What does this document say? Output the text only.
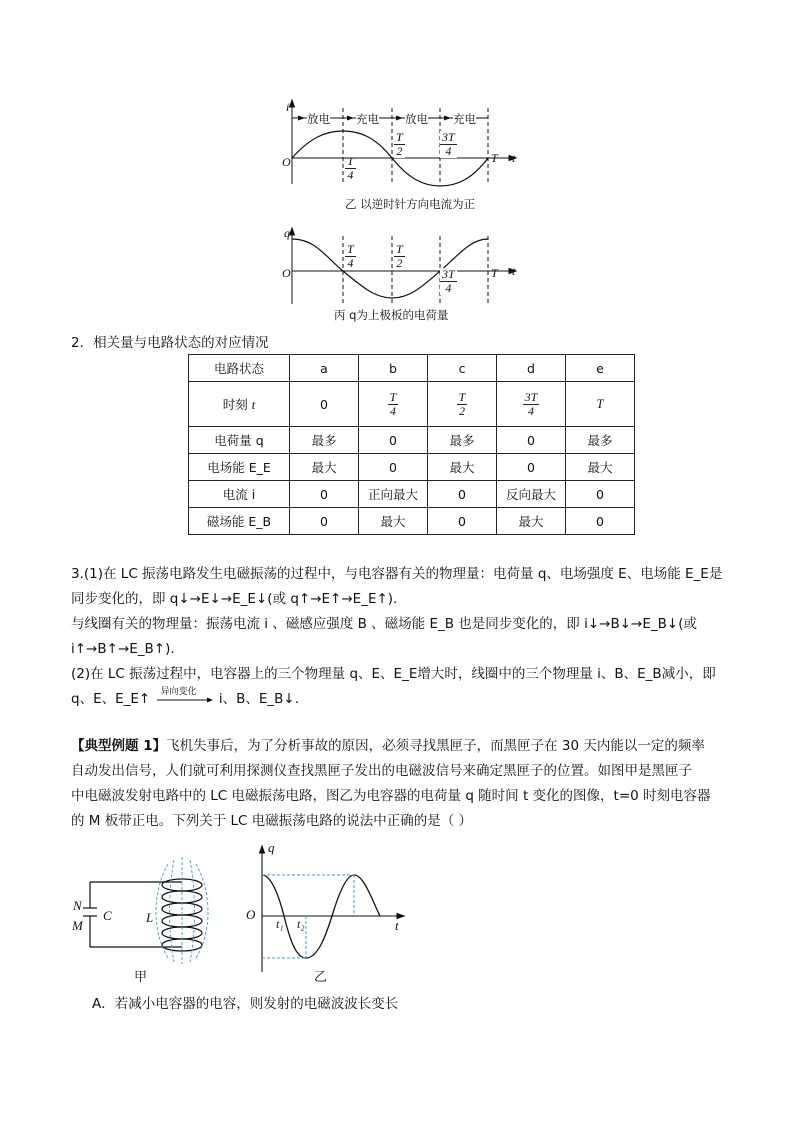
i
t
O
放电 充电 放电 充电
$\frac{T}{4}$
$\frac{T}{2}$	$\frac{3T}{4}$	T
乙 以逆时针方向电流为正
q
t
O
$\frac{T}{4}$	$\frac{T}{2}$
$\frac{3T}{4}$	T
丙 q为上极板的电荷量
2．相关量与电路状态的对应情况
电路状态	a	b	c	d	e
时刻 t	0	$\frac{T}{4}$	$\frac{T}{2}$	$\frac{3T}{4}$	T
电荷量 q	最多	0	最多	0	最多
电场能 E_E	最大	0	最大	0	最大
电流 i	0	正向最大	0	反向最大	0
磁场能 E_B	0	最大	0	最大	0
3.(1)在 LC 振荡电路发生电磁振荡的过程中，与电容器有关的物理量：电荷量 q、电场强度 E、电场能 E_E是
同步变化的，即 q↓→E↓→E_E↓(或 q↑→E↑→E_E↑).
与线圈有关的物理量：振荡电流 i 、磁感应强度 B 、磁场能 E_B 也是同步变化的，即 i↓→B↓→E_B↓(或
i↑→B↑→E_B↑).
(2)在 LC 振荡过程中，电容器上的三个物理量 q、E、E_E增大时，线圈中的三个物理量 i、B、E_B减小，即
q、E、E_E↑ 异向变化 i、B、E_B↓.
【典型例题 1】飞机失事后，为了分析事故的原因，必须寻找黑匣子，而黑匣子在 30 天内能以一定的频率
自动发出信号，人们就可利用探测仪查找黑匣子发出的电磁波信号来确定黑匣子的位置。如图甲是黑匣子
中电磁波发射电路中的 LC 电磁振荡电路，图乙为电容器的电荷量 q 随时间 t 变化的图像，t=0 时刻电容器
的 M 板带正电。下列关于 LC 电磁振荡电路的说法中正确的是（ ）
N
M
C	L
甲
q
t
O
t₁ t₂
乙
A．若减小电容器的电容，则发射的电磁波波长变长
